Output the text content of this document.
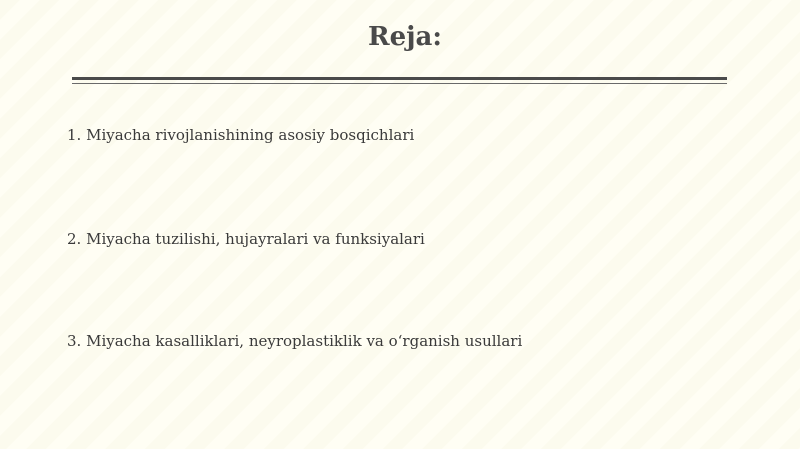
Reja:
1. Miyacha rivojlanishining asosiy bosqichlari
2. Miyacha tuzilishi, hujayralari va funksiyalari
3. Miyacha kasalliklari, neyroplastiklik va o‘rganish usullari
